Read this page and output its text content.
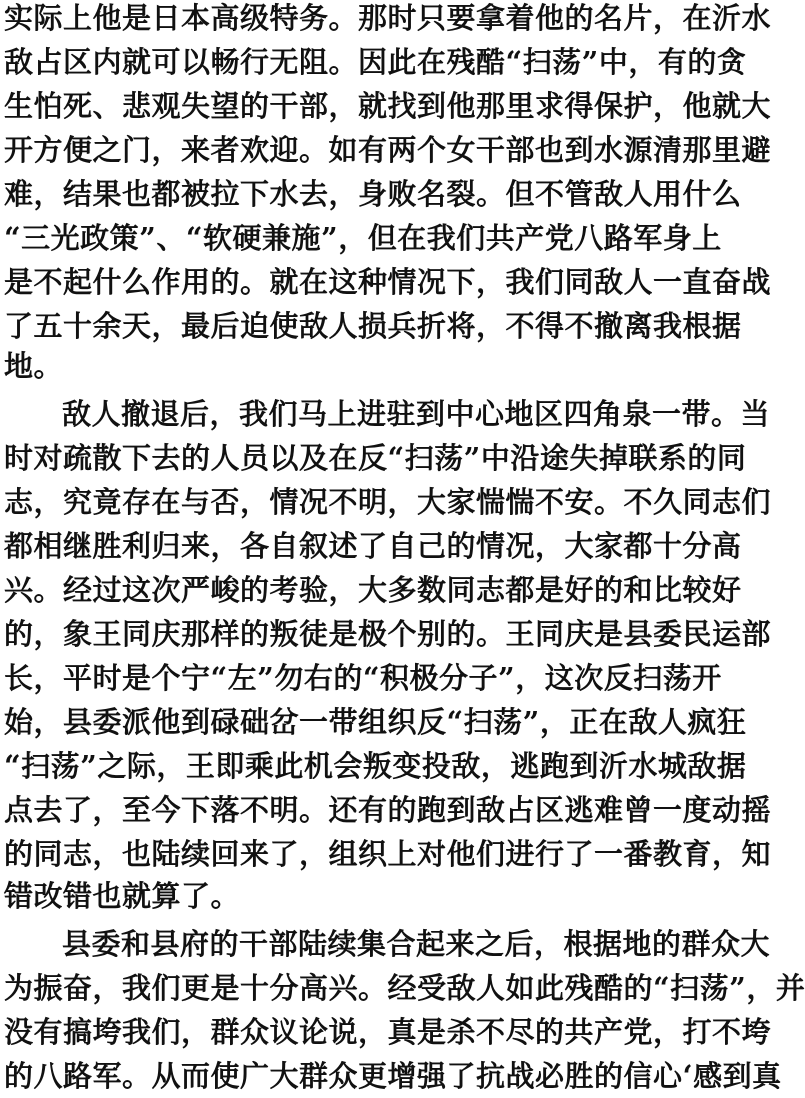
实际上他是日本高级特务。那时只要拿着他的名片，在沂水
敌占区内就可以畅行无阻。因此在残酷“扫荡”中，有的贪
生怕死、悲观失望的干部，就找到他那里求得保护，他就大
开方便之门，来者欢迎。如有两个女干部也到水源清那里避
难，结果也都被拉下水去，身败名裂。但不管敌人用什么
“三光政策”、“软硬兼施”，但在我们共产党八路军身上
是不起什么作用的。就在这种情况下，我们同敌人一直奋战
了五十余天，最后迫使敌人损兵折将，不得不撤离我根据
地。
敌人撤退后，我们马上进驻到中心地区四角泉一带。当
时对疏散下去的人员以及在反“扫荡”中沿途失掉联系的同
志，究竟存在与否，情况不明，大家惴惴不安。不久同志们
都相继胜利归来，各自叙述了自己的情况，大家都十分高
兴。经过这次严峻的考验，大多数同志都是好的和比较好
的，象王同庆那样的叛徒是极个别的。王同庆是县委民运部
长，平时是个宁“左”勿右的“积极分子”，这次反扫荡开
始，县委派他到碌础岔一带组织反“扫荡”，正在敌人疯狂
“扫荡”之际，王即乘此机会叛变投敌，逃跑到沂水城敌据
点去了，至今下落不明。还有的跑到敌占区逃难曾一度动摇
的同志，也陆续回来了，组织上对他们进行了一番教育，知
错改错也就算了。
县委和县府的干部陆续集合起来之后，根据地的群众大
为振奋，我们更是十分高兴。经受敌人如此残酷的“扫荡”，并
没有搞垮我们，群众议论说，真是杀不尽的共产党，打不垮
的八路军。从而使广大群众更增强了抗战必胜的信心‘感到真
